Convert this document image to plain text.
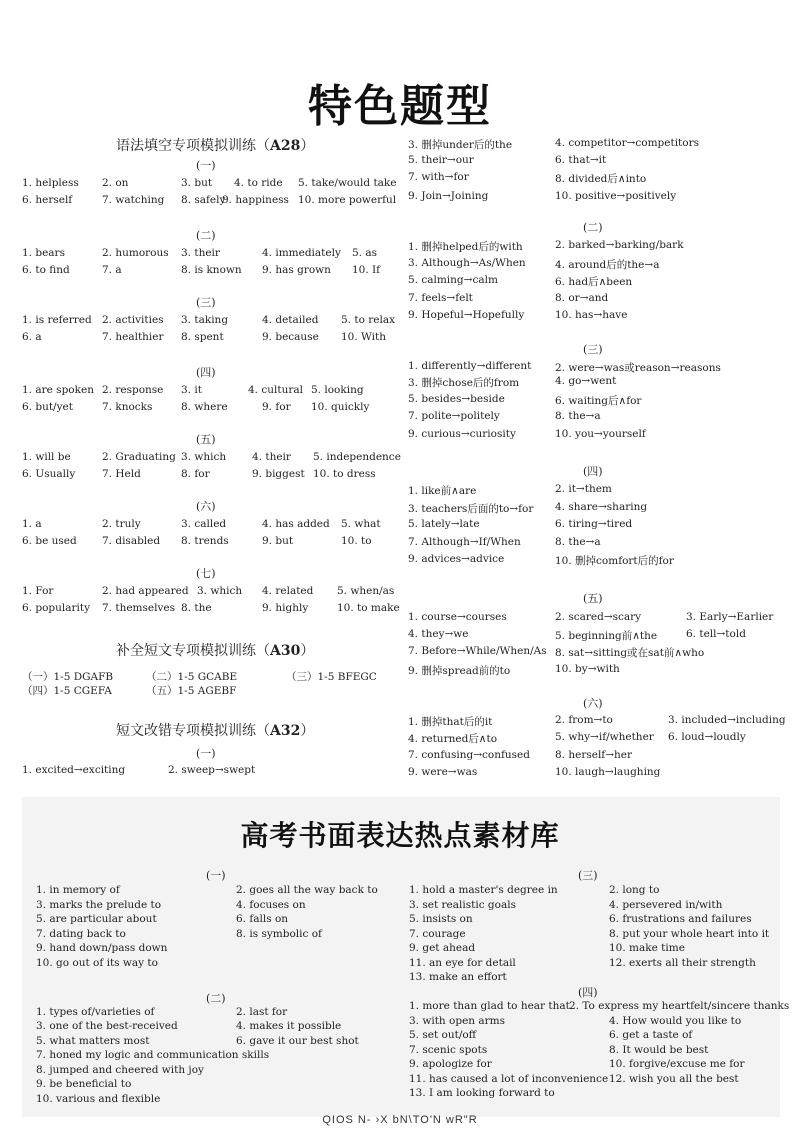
特色题型
语法填空专项模拟训练（A28）
(一)
1. helpless 2. on	3. but 4. to ride 5. take/would take
6. herself	7. watching 8. safely
9. happiness 10. more powerful
(二)
1. bears	2. humorous 3. their	4. immediately 5. as
6. to find	7. a	8. is known 9. has grown 10. If
(三)
1. is referred 2. activities 3. taking	4. detailed 5. to relax
6. a	7. healthier 8. spent	9. because 10. With
(四)
1. are spoken 2. response 3. it	4. cultural 5. looking
6. but/yet	7. knocks	8. where	9. for 10. quickly
(五)
1. will be	2. Graduating 3. which 4. their 5. independence
6. Usually	7. Held	8. for	9. biggest 10. to dress
(六)
1. a	2. truly	3. called	4. has added 5. what
6. be used 7. disabled 8. trends	9. but	10. to
(七)
1. For	2. had appeared 3. which 4. related 5. when/as
6. popularity 7. themselves 8. the	9. highly	10. to make
补全短文专项模拟训练（A30）
（一）1-5 DGAFB	（二）1-5 GCABE	（三）1-5 BFEGC
（四）1-5 CGEFA	（五）1-5 AGEBF
短文改错专项模拟训练（A32）
(一)
1. excited→exciting	2. sweep→swept
3. 删掉under后的the	4. competitor→competitors
5. their→our	6. that→it
7. with→for	8. divided后∧into
9. Join→Joining	10. positive→positively
(二)
1. 删掉helped后的with	2. barked→barking/bark
3. Although→As/When	4. around后的the→a
5. calming→calm	6. had后∧been
7. feels→felt	8. or→and
9. Hopeful→Hopefully	10. has→have
(三)
1. differently→different 2. were→was或reason→reasons
3. 删掉chose后的from	4. go→went
5. besides→beside	6. waiting后∧for
7. polite→politely	8. the→a
9. curious→curiosity	10. you→yourself
(四)
1. like前∧are	2. it→them
3. teachers后面的to→for 4. share→sharing
5. lately→late	6. tiring→tired
7. Although→If/When	8. the→a
9. advices→advice	10. 删掉comfort后的for
(五)
1. course→courses	2. scared→scary	3. Early→Earlier
4. they→we	5. beginning前∧the	6. tell→told
7. Before→While/When/As 8. sat→sitting或在sat前∧who
9. 删掉spread前的to	10. by→with
(六)
1. 删掉that后的it	2. from→to	3. included→including
4. returned后∧to	5. why→if/whether 6. loud→loudly
7. confusing→confused 8. herself→her
9. were→was	10. laugh→laughing
高考书面表达热点素材库
(一)
1. in memory of	2. goes all the way back to
3. marks the prelude to	4. focuses on
5. are particular about	6. falls on
7. dating back to	8. is symbolic of
9. hand down/pass down
10. go out of its way to
(二)
1. types of/varieties of	2. last for
3. one of the best-received	4. makes it possible
5. what matters most	6. gave it our best shot
7. honed my logic and communication skills
8. jumped and cheered with joy
9. be beneficial to
10. various and flexible
(三)
1. hold a master's degree in	2. long to
3. set realistic goals	4. persevered in/with
5. insists on	6. frustrations and failures
7. courage	8. put your whole heart into it
9. get ahead	10. make time
11. an eye for detail	12. exerts all their strength
13. make an effort
(四)
1. more than glad to hear that 2. To express my heartfelt/sincere thanks
3. with open arms	4. How would you like to
5. set out/off	6. get a taste of
7. scenic spots	8. It would be best
9. apologize for	10. forgive/excuse me for
11. has caused a lot of inconvenience 12. wish you all the best
13. I am looking forward to
QIOS N- ›X bN\TO'N wR"R
